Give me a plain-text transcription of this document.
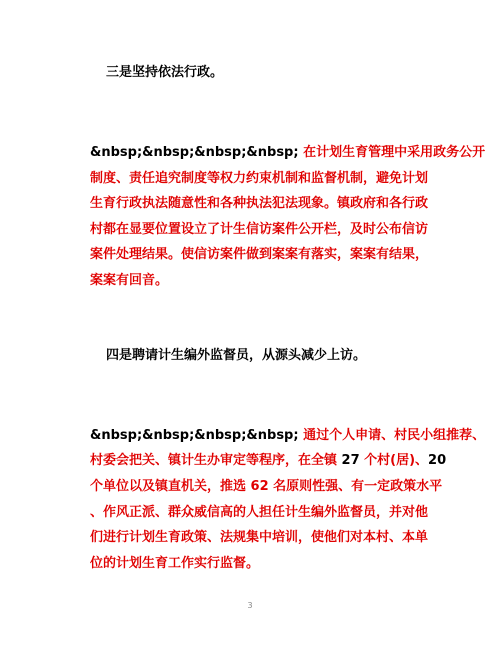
三是坚持依法行政。
&nbsp;&nbsp;&nbsp;&nbsp; 在计划生育管理中采用政务公开
制度、责任追究制度等权力约束机制和监督机制，避免计划
生育行政执法随意性和各种执法犯法现象。镇政府和各行政
村都在显要位置设立了计生信访案件公开栏，及时公布信访
案件处理结果。使信访案件做到案案有落实，案案有结果，
案案有回音。
四是聘请计生编外监督员，从源头减少上访。
&nbsp;&nbsp;&nbsp;&nbsp; 通过个人申请、村民小组推荐、
村委会把关、镇计生办审定等程序，在全镇 27 个村(居)、20
个单位以及镇直机关，推选 62 名原则性强、有一定政策水平
、作风正派、群众威信高的人担任计生编外监督员，并对他
们进行计划生育政策、法规集中培训，使他们对本村、本单
位的计划生育工作实行监督。
3
